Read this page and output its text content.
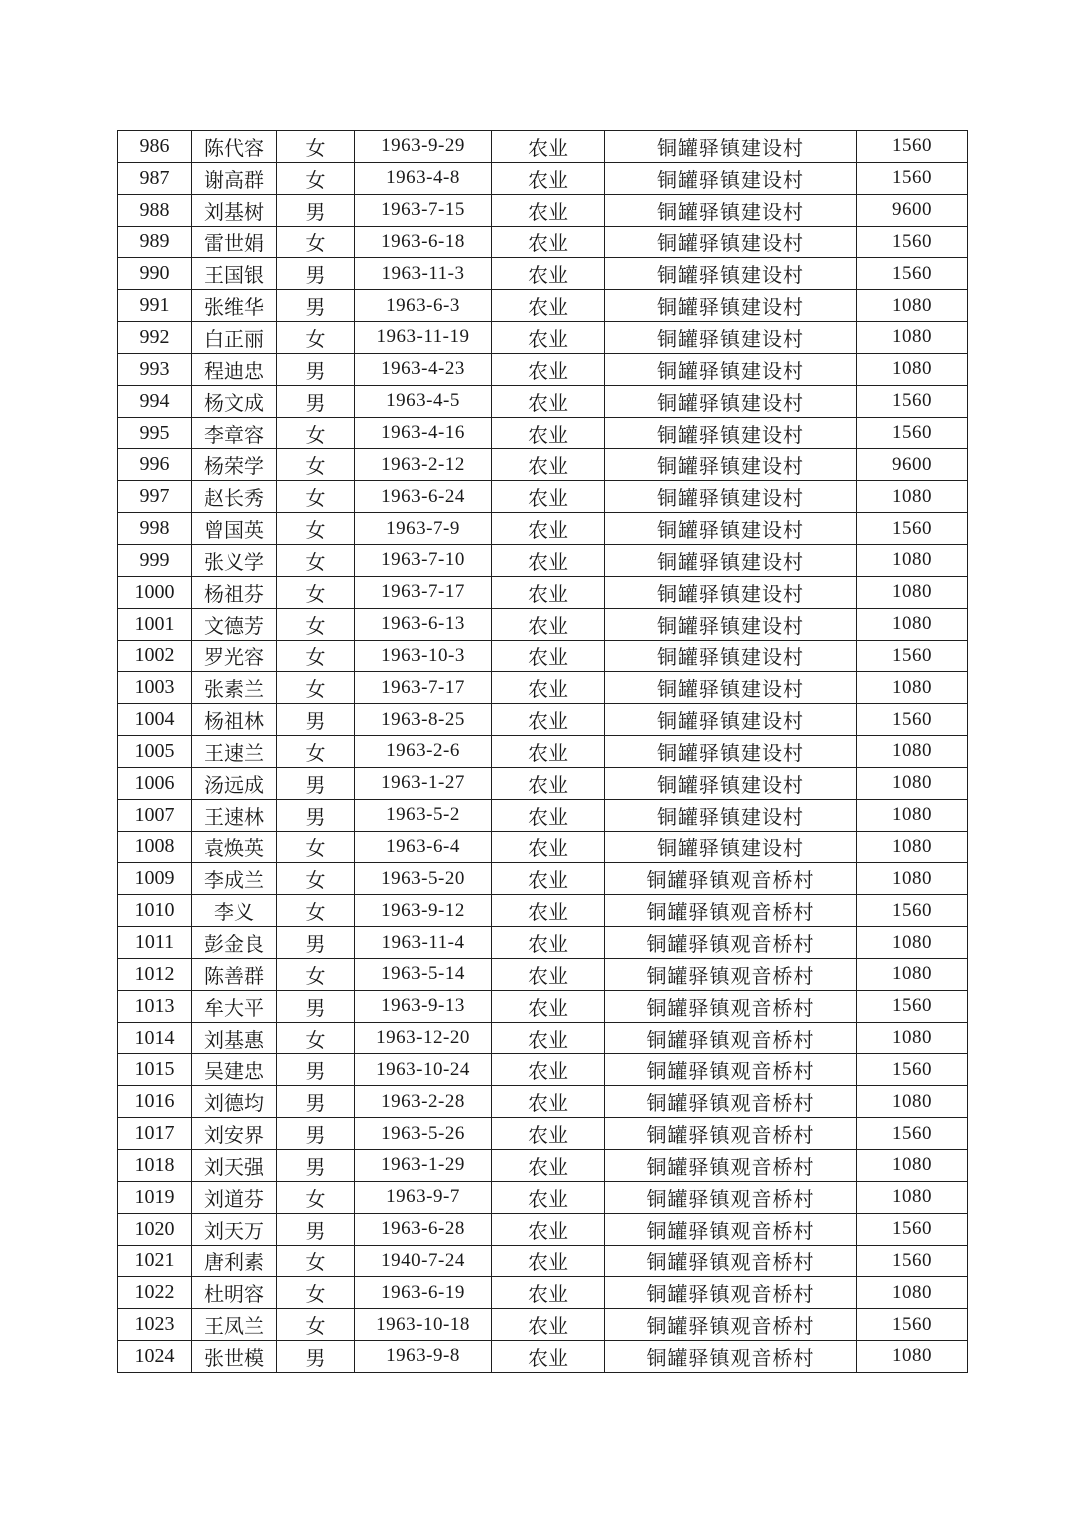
986	陈代容	女	1963-9-29	农业	铜罐驿镇建设村	1560
987	谢高群	女	1963-4-8	农业	铜罐驿镇建设村	1560
988	刘基树	男	1963-7-15	农业	铜罐驿镇建设村	9600
989	雷世娟	女	1963-6-18	农业	铜罐驿镇建设村	1560
990	王国银	男	1963-11-3	农业	铜罐驿镇建设村	1560
991	张维华	男	1963-6-3	农业	铜罐驿镇建设村	1080
992	白正丽	女	1963-11-19	农业	铜罐驿镇建设村	1080
993	程迪忠	男	1963-4-23	农业	铜罐驿镇建设村	1080
994	杨文成	男	1963-4-5	农业	铜罐驿镇建设村	1560
995	李章容	女	1963-4-16	农业	铜罐驿镇建设村	1560
996	杨荣学	女	1963-2-12	农业	铜罐驿镇建设村	9600
997	赵长秀	女	1963-6-24	农业	铜罐驿镇建设村	1080
998	曾国英	女	1963-7-9	农业	铜罐驿镇建设村	1560
999	张义学	女	1963-7-10	农业	铜罐驿镇建设村	1080
1000	杨祖芬	女	1963-7-17	农业	铜罐驿镇建设村	1080
1001	文德芳	女	1963-6-13	农业	铜罐驿镇建设村	1080
1002	罗光容	女	1963-10-3	农业	铜罐驿镇建设村	1560
1003	张素兰	女	1963-7-17	农业	铜罐驿镇建设村	1080
1004	杨祖林	男	1963-8-25	农业	铜罐驿镇建设村	1560
1005	王速兰	女	1963-2-6	农业	铜罐驿镇建设村	1080
1006	汤远成	男	1963-1-27	农业	铜罐驿镇建设村	1080
1007	王速林	男	1963-5-2	农业	铜罐驿镇建设村	1080
1008	袁焕英	女	1963-6-4	农业	铜罐驿镇建设村	1080
1009	李成兰	女	1963-5-20	农业	铜罐驿镇观音桥村	1080
1010	李义	女	1963-9-12	农业	铜罐驿镇观音桥村	1560
1011	彭金良	男	1963-11-4	农业	铜罐驿镇观音桥村	1080
1012	陈善群	女	1963-5-14	农业	铜罐驿镇观音桥村	1080
1013	牟大平	男	1963-9-13	农业	铜罐驿镇观音桥村	1560
1014	刘基惠	女	1963-12-20	农业	铜罐驿镇观音桥村	1080
1015	吴建忠	男	1963-10-24	农业	铜罐驿镇观音桥村	1560
1016	刘德均	男	1963-2-28	农业	铜罐驿镇观音桥村	1080
1017	刘安界	男	1963-5-26	农业	铜罐驿镇观音桥村	1560
1018	刘天强	男	1963-1-29	农业	铜罐驿镇观音桥村	1080
1019	刘道芬	女	1963-9-7	农业	铜罐驿镇观音桥村	1080
1020	刘天万	男	1963-6-28	农业	铜罐驿镇观音桥村	1560
1021	唐利素	女	1940-7-24	农业	铜罐驿镇观音桥村	1560
1022	杜明容	女	1963-6-19	农业	铜罐驿镇观音桥村	1080
1023	王凤兰	女	1963-10-18	农业	铜罐驿镇观音桥村	1560
1024	张世模	男	1963-9-8	农业	铜罐驿镇观音桥村	1080
